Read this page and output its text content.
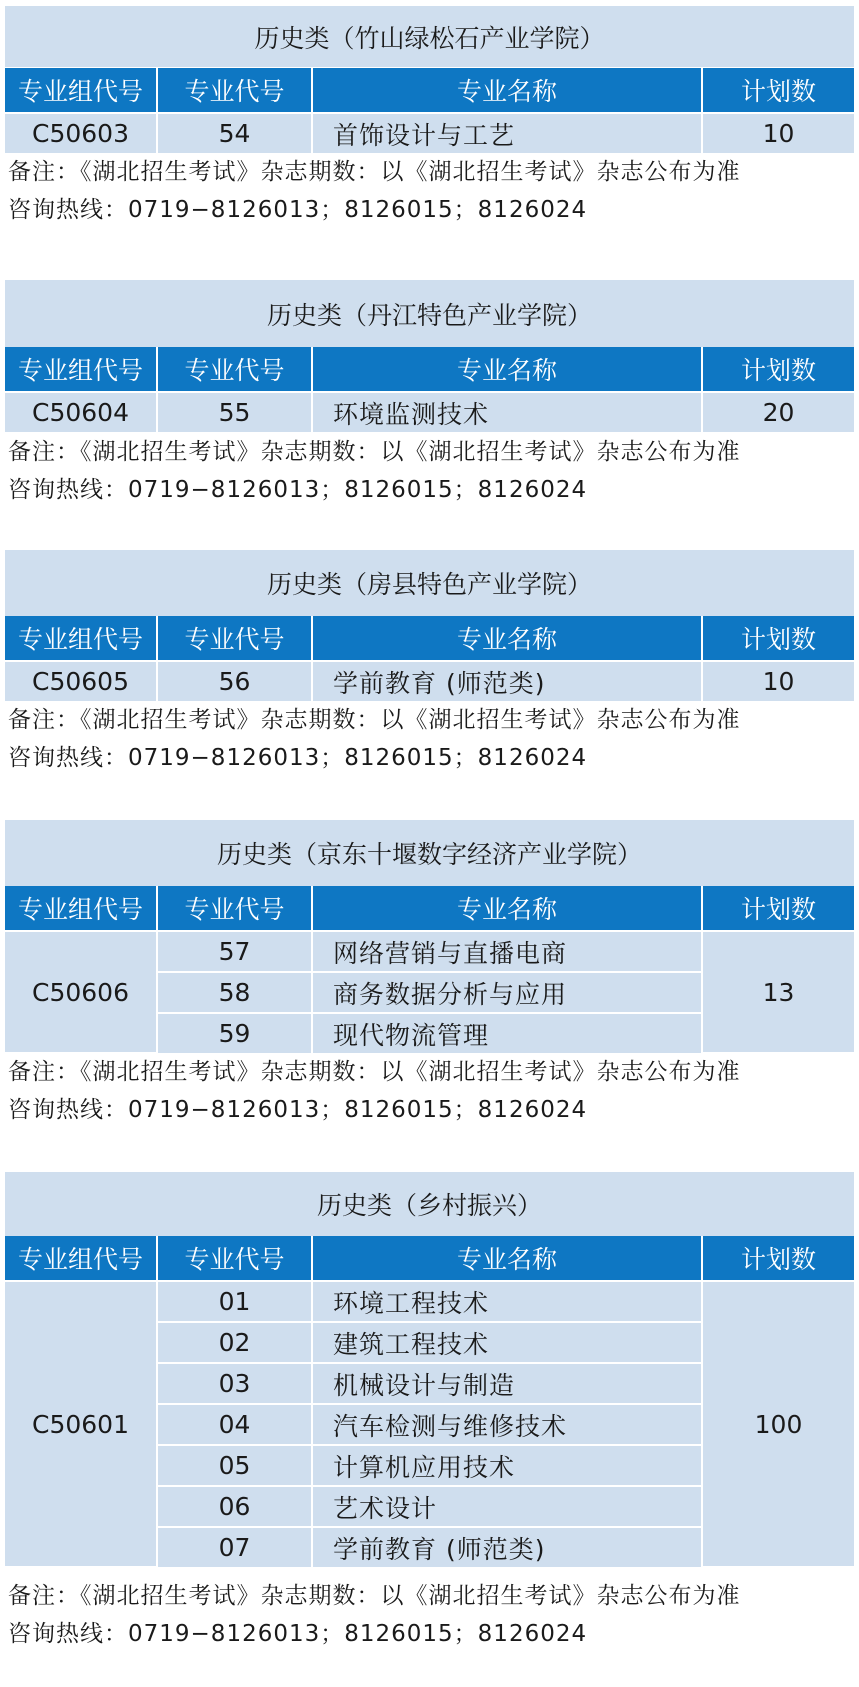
历史类（竹山绿松石产业学院）
专业组代号	专业代号	专业名称	计划数
C50603	54	首饰设计与工艺	10
备注：《湖北招生考试》杂志期数：以《湖北招生考试》杂志公布为准
咨询热线：0719−8126013；8126015；8126024
历史类（丹江特色产业学院）
专业组代号	专业代号	专业名称	计划数
C50604	55	环境监测技术	20
备注：《湖北招生考试》杂志期数：以《湖北招生考试》杂志公布为准
咨询热线：0719−8126013；8126015；8126024
历史类（房县特色产业学院）
专业组代号	专业代号	专业名称	计划数
C50605	56	学前教育 (师范类)	10
备注：《湖北招生考试》杂志期数：以《湖北招生考试》杂志公布为准
咨询热线：0719−8126013；8126015；8126024
历史类（京东十堰数字经济产业学院）
专业组代号	专业代号	专业名称	计划数
C50606	57	网络营销与直播电商	13
	58	商务数据分析与应用	
	59	现代物流管理	
备注：《湖北招生考试》杂志期数：以《湖北招生考试》杂志公布为准
咨询热线：0719−8126013；8126015；8126024
历史类（乡村振兴）
专业组代号	专业代号	专业名称	计划数
C50601	01	环境工程技术	100
	02	建筑工程技术	
	03	机械设计与制造	
	04	汽车检测与维修技术	
	05	计算机应用技术	
	06	艺术设计	
	07	学前教育 (师范类)	
备注：《湖北招生考试》杂志期数：以《湖北招生考试》杂志公布为准
咨询热线：0719−8126013；8126015；8126024
